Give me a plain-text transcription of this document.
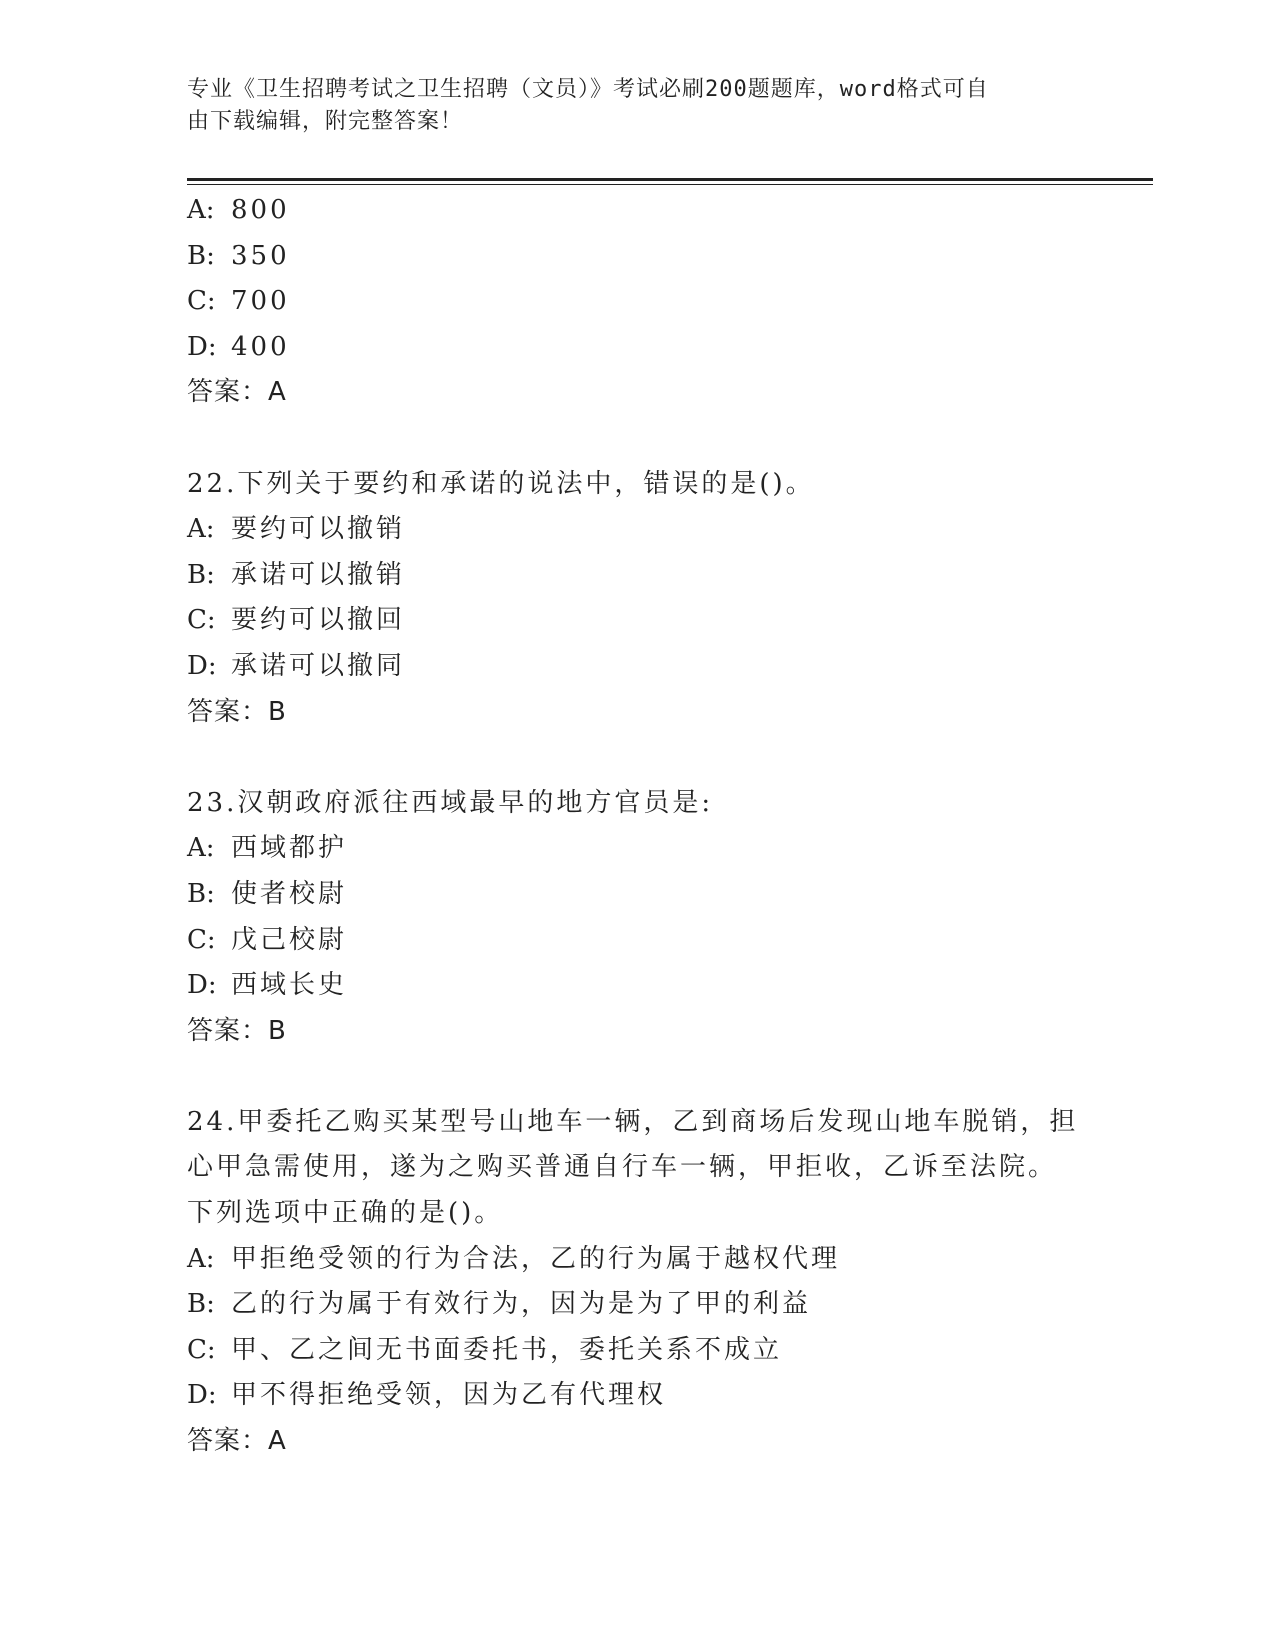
专业《卫生招聘考试之卫生招聘（文员）》考试必刷200题题库，word格式可自
由下载编辑，附完整答案！
A: 800
B: 350
C: 700
D: 400
答案：A
22.下列关于要约和承诺的说法中，错误的是()。
A: 要约可以撤销
B: 承诺可以撤销
C: 要约可以撤回
D: 承诺可以撤同
答案：B
23.汉朝政府派往西域最早的地方官员是:
A: 西域都护
B: 使者校尉
C: 戊己校尉
D: 西域长史
答案：B
24.甲委托乙购买某型号山地车一辆，乙到商场后发现山地车脱销，担
心甲急需使用，遂为之购买普通自行车一辆，甲拒收，乙诉至法院。
下列选项中正确的是()。
A: 甲拒绝受领的行为合法，乙的行为属于越权代理
B: 乙的行为属于有效行为，因为是为了甲的利益
C: 甲、乙之间无书面委托书，委托关系不成立
D: 甲不得拒绝受领，因为乙有代理权
答案：A
